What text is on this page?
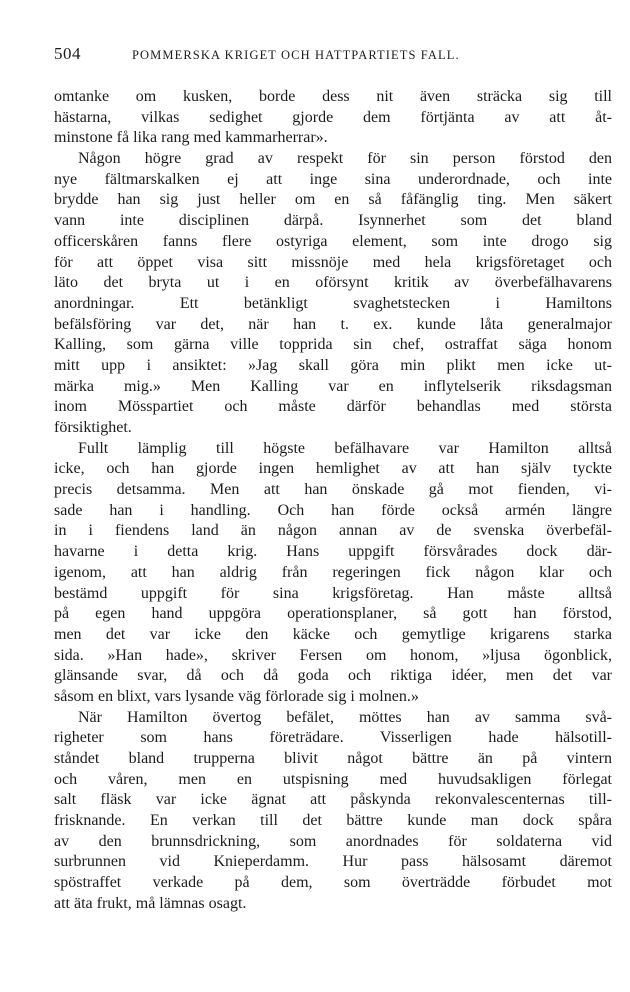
504	POMMERSKA KRIGET OCH HATTPARTIETS FALL.
omtanke om kusken, borde dess nit även sträcka sig till
hästarna, vilkas sedighet gjorde dem förtjänta av att åt-
minstone få lika rang med kammarherrar».
Någon högre grad av respekt för sin person förstod den
nye fältmarskalken ej att inge sina underordnade, och inte
brydde han sig just heller om en så fåfänglig ting. Men säkert
vann inte disciplinen därpå. Isynnerhet som det bland
officerskåren fanns flere ostyriga element, som inte drogo sig
för att öppet visa sitt missnöje med hela krigsföretaget och
läto det bryta ut i en oförsynt kritik av överbefälhavarens
anordningar. Ett betänkligt svaghetstecken i Hamiltons
befälsföring var det, när han t. ex. kunde låta generalmajor
Kalling, som gärna ville topprida sin chef, ostraffat säga honom
mitt upp i ansiktet: »Jag skall göra min plikt men icke ut-
märka mig.» Men Kalling var en inflytelserik riksdagsman
inom Mösspartiet och måste därför behandlas med största
försiktighet.
Fullt lämplig till högste befälhavare var Hamilton alltså
icke, och han gjorde ingen hemlighet av att han själv tyckte
precis detsamma. Men att han önskade gå mot fienden, vi-
sade han i handling. Och han förde också armén längre
in i fiendens land än någon annan av de svenska överbefäl-
havarne i detta krig. Hans uppgift försvårades dock där-
igenom, att han aldrig från regeringen fick någon klar och
bestämd uppgift för sina krigsföretag. Han måste alltså
på egen hand uppgöra operationsplaner, så gott han förstod,
men det var icke den käcke och gemytlige krigarens starka
sida. »Han hade», skriver Fersen om honom, »ljusa ögonblick,
glänsande svar, då och då goda och riktiga idéer, men det var
såsom en blixt, vars lysande väg förlorade sig i molnen.»
När Hamilton övertog befälet, möttes han av samma svå-
righeter som hans företrädare. Visserligen hade hälsotill-
ståndet bland trupperna blivit något bättre än på vintern
och våren, men en utspisning med huvudsakligen förlegat
salt fläsk var icke ägnat att påskynda rekonvalescenternas till-
frisknande. En verkan till det bättre kunde man dock spåra
av den brunnsdrickning, som anordnades för soldaterna vid
surbrunnen vid Knieperdamm. Hur pass hälsosamt däremot
spöstraffet verkade på dem, som överträdde förbudet mot
att äta frukt, må lämnas osagt.
